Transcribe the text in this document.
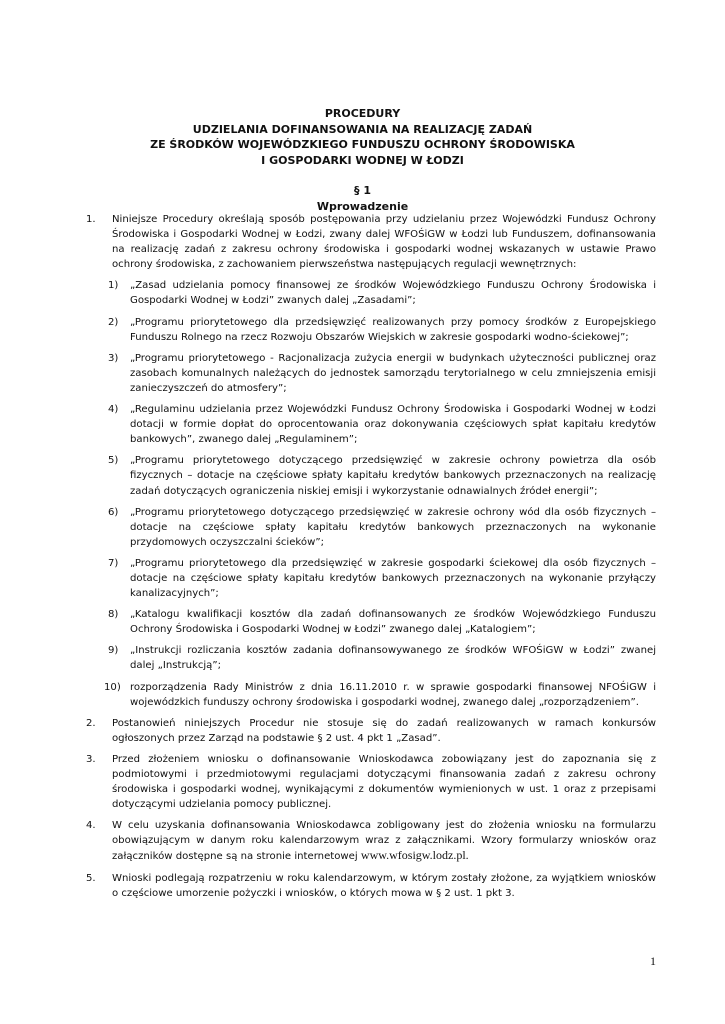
PROCEDURY
UDZIELANIA DOFINANSOWANIA NA REALIZACJĘ ZADAŃ
ZE ŚRODKÓW WOJEWÓDZKIEGO FUNDUSZU OCHRONY ŚRODOWISKA
I GOSPODARKI WODNEJ W ŁODZI
§ 1
Wprowadzenie
1. Niniejsze Procedury określają sposób postępowania przy udzielaniu przez Wojewódzki Fundusz Ochrony Środowiska i Gospodarki Wodnej w Łodzi, zwany dalej WFOŚiGW w Łodzi lub Funduszem, dofinansowania na realizację zadań z zakresu ochrony środowiska i gospodarki wodnej wskazanych w ustawie Prawo ochrony środowiska, z zachowaniem pierwszeństwa następujących regulacji wewnętrznych:
1) „Zasad udzielania pomocy finansowej ze środków Wojewódzkiego Funduszu Ochrony Środowiska i Gospodarki Wodnej w Łodzi” zwanych dalej „Zasadami”;
2) „Programu priorytetowego dla przedsięwzięć realizowanych przy pomocy środków z Europejskiego Funduszu Rolnego na rzecz Rozwoju Obszarów Wiejskich w zakresie gospodarki wodno-ściekowej”;
3) „Programu priorytetowego - Racjonalizacja zużycia energii w budynkach użyteczności publicznej oraz zasobach komunalnych należących do jednostek samorządu terytorialnego w celu zmniejszenia emisji zanieczyszczeń do atmosfery”;
4) „Regulaminu udzielania przez Wojewódzki Fundusz Ochrony Środowiska i Gospodarki Wodnej w Łodzi dotacji w formie dopłat do oprocentowania oraz dokonywania częściowych spłat kapitału kredytów bankowych”, zwanego dalej „Regulaminem”;
5) „Programu priorytetowego dotyczącego przedsięwzięć w zakresie ochrony powietrza dla osób fizycznych – dotacje na częściowe spłaty kapitału kredytów bankowych przeznaczonych na realizację zadań dotyczących ograniczenia niskiej emisji i wykorzystanie odnawialnych źródeł energii”;
6) „Programu priorytetowego dotyczącego przedsięwzięć w zakresie ochrony wód dla osób fizycznych – dotacje na częściowe spłaty kapitału kredytów bankowych przeznaczonych na wykonanie przydomowych oczyszczalni ścieków”;
7) „Programu priorytetowego dla przedsięwzięć w zakresie gospodarki ściekowej dla osób fizycznych – dotacje na częściowe spłaty kapitału kredytów bankowych przeznaczonych na wykonanie przyłączy kanalizacyjnych”;
8) „Katalogu kwalifikacji kosztów dla zadań dofinansowanych ze środków Wojewódzkiego Funduszu Ochrony Środowiska i Gospodarki Wodnej w Łodzi” zwanego dalej „Katalogiem”;
9) „Instrukcji rozliczania kosztów zadania dofinansowywanego ze środków WFOŚiGW w Łodzi” zwanej dalej „Instrukcją”;
10) rozporządzenia Rady Ministrów z dnia 16.11.2010 r. w sprawie gospodarki finansowej NFOŚiGW i wojewódzkich funduszy ochrony środowiska i gospodarki wodnej, zwanego dalej „rozporządzeniem”.
2. Postanowień niniejszych Procedur nie stosuje się do zadań realizowanych w ramach konkursów ogłoszonych przez Zarząd na podstawie § 2 ust. 4 pkt 1 „Zasad”.
3. Przed złożeniem wniosku o dofinansowanie Wnioskodawca zobowiązany jest do zapoznania się z podmiotowymi i przedmiotowymi regulacjami dotyczącymi finansowania zadań z zakresu ochrony środowiska i gospodarki wodnej, wynikającymi z dokumentów wymienionych w ust. 1 oraz z przepisami dotyczącymi udzielania pomocy publicznej.
4. W celu uzyskania dofinansowania Wnioskodawca zobligowany jest do złożenia wniosku na formularzu obowiązującym w danym roku kalendarzowym wraz z załącznikami. Wzory formularzy wniosków oraz załączników dostępne są na stronie internetowej www.wfosigw.lodz.pl.
5. Wnioski podlegają rozpatrzeniu w roku kalendarzowym, w którym zostały złożone, za wyjątkiem wniosków o częściowe umorzenie pożyczki i wniosków, o których mowa w § 2 ust. 1 pkt 3.
1
